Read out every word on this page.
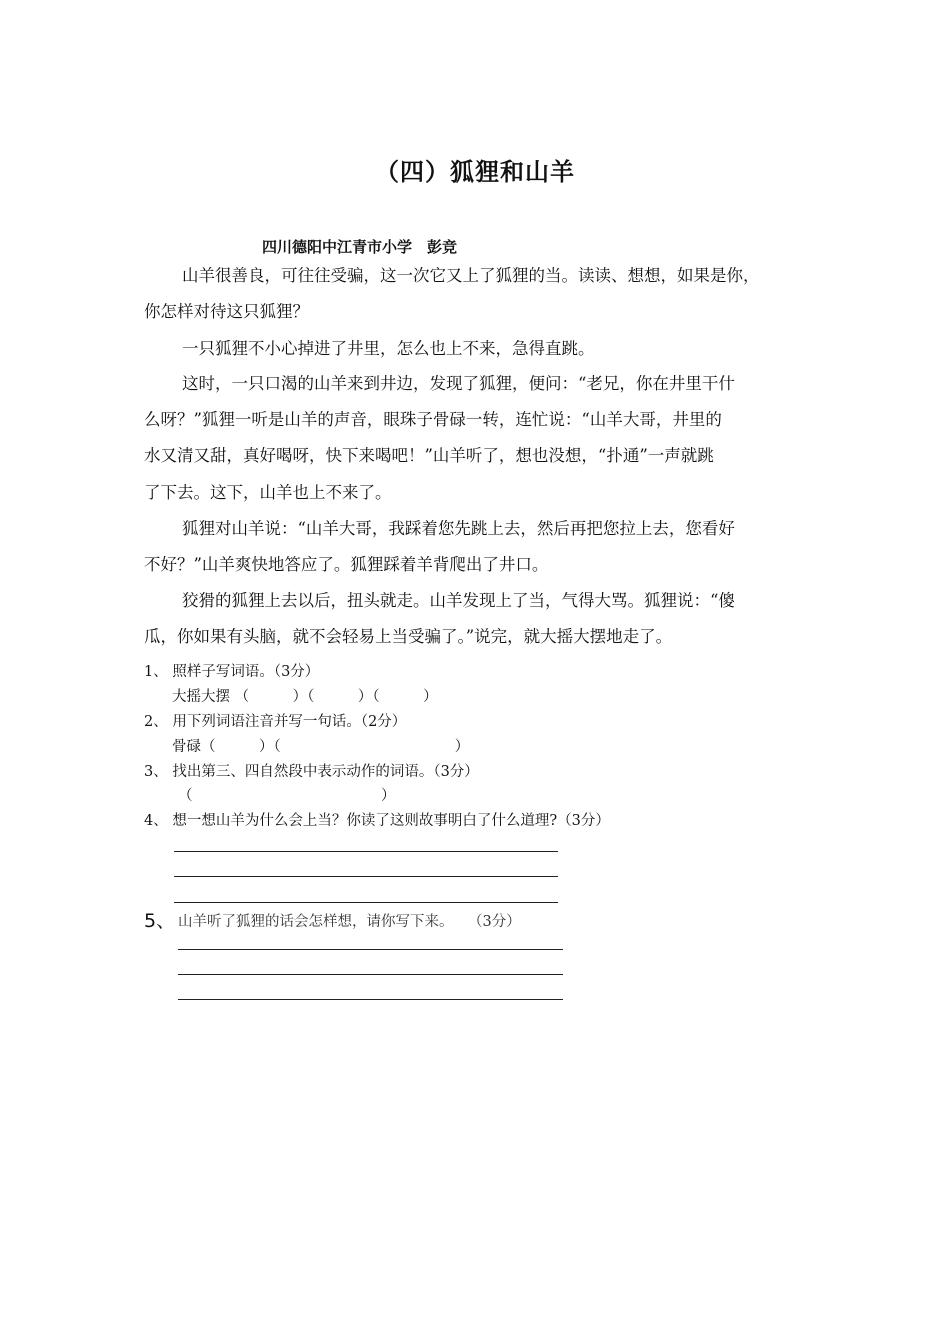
（四）狐狸和山羊
四川德阳中江青市小学　彭竞
山羊很善良，可往往受骗，这一次它又上了狐狸的当。读读、想想，如果是你，
你怎样对待这只狐狸？
一只狐狸不小心掉进了井里，怎么也上不来，急得直跳。
这时，一只口渴的山羊来到井边，发现了狐狸，便问：“老兄，你在井里干什
么呀？”狐狸一听是山羊的声音，眼珠子骨碌一转，连忙说：“山羊大哥，井里的
水又清又甜，真好喝呀，快下来喝吧！”山羊听了，想也没想，“扑通”一声就跳
了下去。这下，山羊也上不来了。
狐狸对山羊说：“山羊大哥，我踩着您先跳上去，然后再把您拉上去，您看好
不好？”山羊爽快地答应了。狐狸踩着羊背爬出了井口。
狡猾的狐狸上去以后，扭头就走。山羊发现上了当，气得大骂。狐狸说：“傻
瓜，你如果有头脑，就不会轻易上当受骗了。”说完，就大摇大摆地走了。
1、 照样子写词语。（3分）
大摇大摆 （　　　）（　　　）（　　　）
2、 用下列词语注音并写一句话。（2分）
骨碌（　　　）（　　　　　　　　　　　　）
3、 找出第三、四自然段中表示动作的词语。（3分）
（　　　　　　　　　　　　　）
4、 想一想山羊为什么会上当？你读了这则故事明白了什么道理?（3分）
5、 山羊听了狐狸的话会怎样想，请你写下来。　　（3分）
